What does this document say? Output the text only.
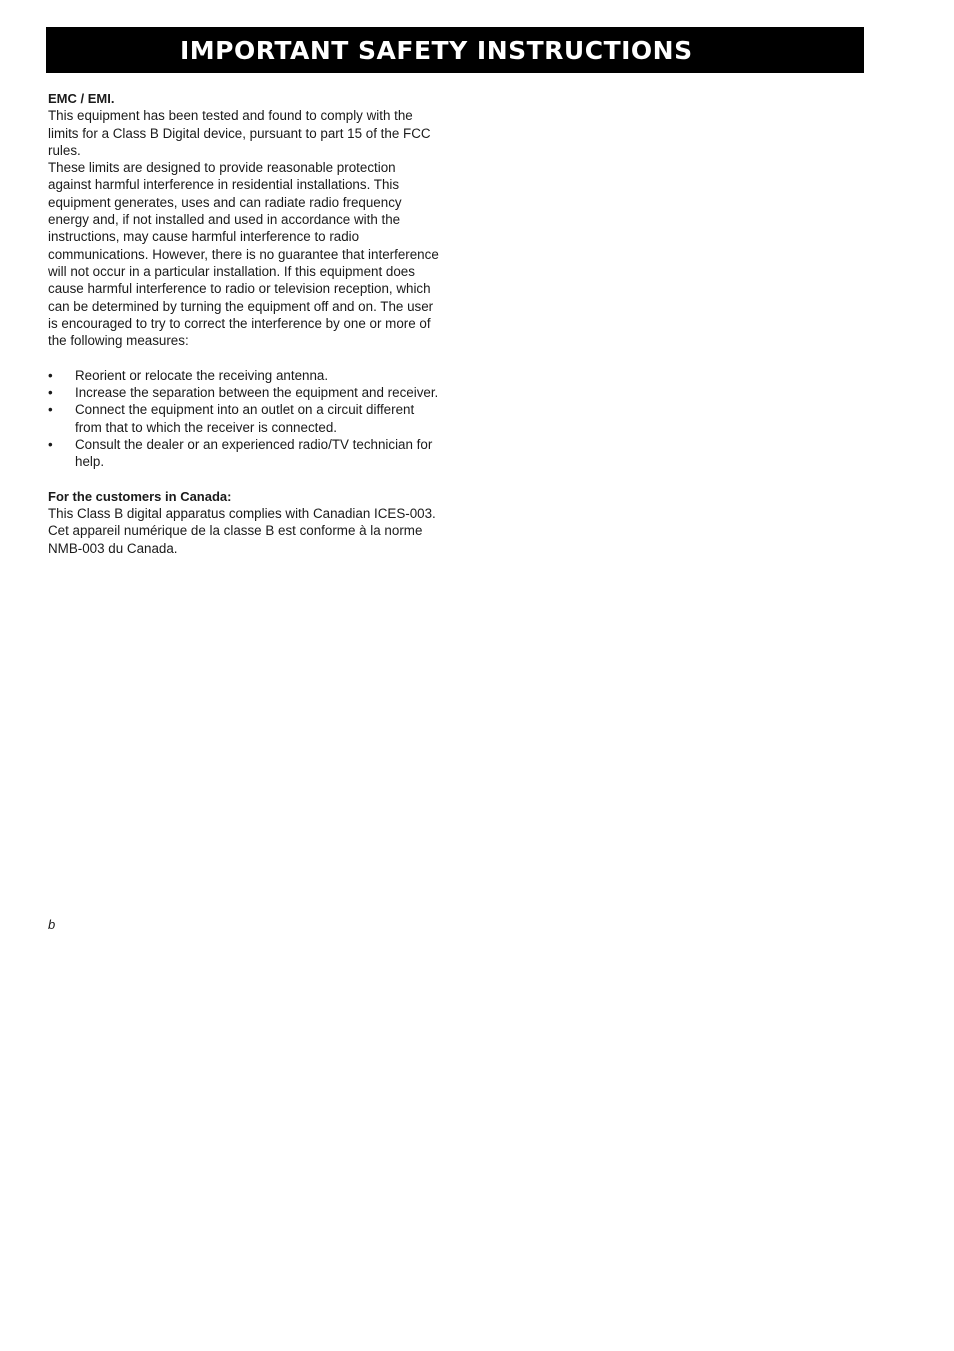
IMPORTANT SAFETY INSTRUCTIONS

EMC / EMI.

This equipment has been tested and found to comply with the limits for a Class B Digital device, pursuant to part 15 of the FCC rules.

These limits are designed to provide reasonable protection against harmful interference in residential installations. This equipment generates, uses and can radiate radio frequency energy and, if not installed and used in accordance with the instructions, may cause harmful interference to radio communications. However, there is no guarantee that interference will not occur in a particular installation. If this equipment does cause harmful interference to radio or television reception, which can be determined by turning the equipment off and on. The user is encouraged to try to correct the interference by one or more of the following measures:

• Reorient or relocate the receiving antenna.
• Increase the separation between the equipment and receiver.
• Connect the equipment into an outlet on a circuit different from that to which the receiver is connected.
• Consult the dealer or an experienced radio/TV technician for help.

For the customers in Canada:

This Class B digital apparatus complies with Canadian ICES-003.

Cet appareil numérique de la classe B est conforme à la norme NMB-003 du Canada.

b
